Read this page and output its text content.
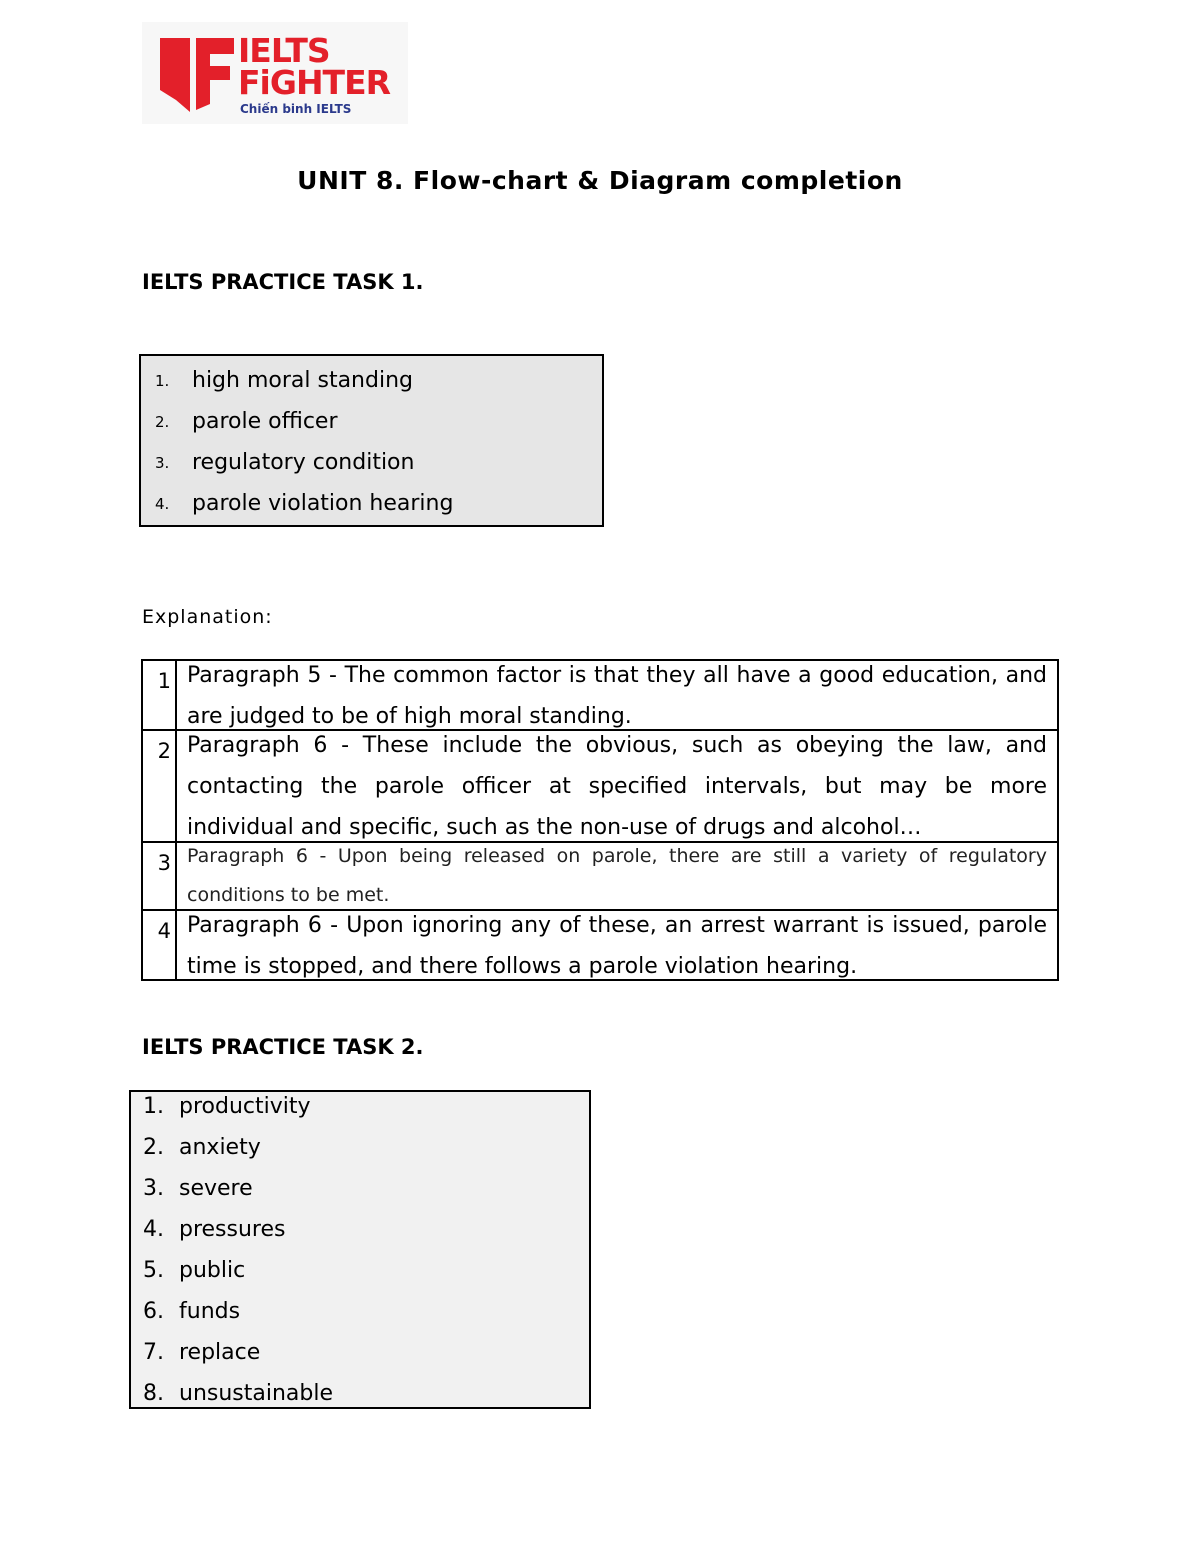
IELTS
FiGHTER
Chiến binh IELTS
UNIT 8. Flow-chart & Diagram completion
IELTS PRACTICE TASK 1.
1.	high moral standing
2.	parole officer
3.	regulatory condition
4.	parole violation hearing
Explanation:
1 Paragraph 5 - The common factor is that they all have a good education, and are judged to be of high moral standing.
2 Paragraph 6 - These include the obvious, such as obeying the law, and contacting the parole officer at specified intervals, but may be more individual and specific, such as the non-use of drugs and alcohol…
3 Paragraph 6 - Upon being released on parole, there are still a variety of regulatory conditions to be met.
4 Paragraph 6 - Upon ignoring any of these, an arrest warrant is issued, parole time is stopped, and there follows a parole violation hearing.
IELTS PRACTICE TASK 2.
1. productivity
2. anxiety
3. severe
4. pressures
5. public
6. funds
7. replace
8. unsustainable
